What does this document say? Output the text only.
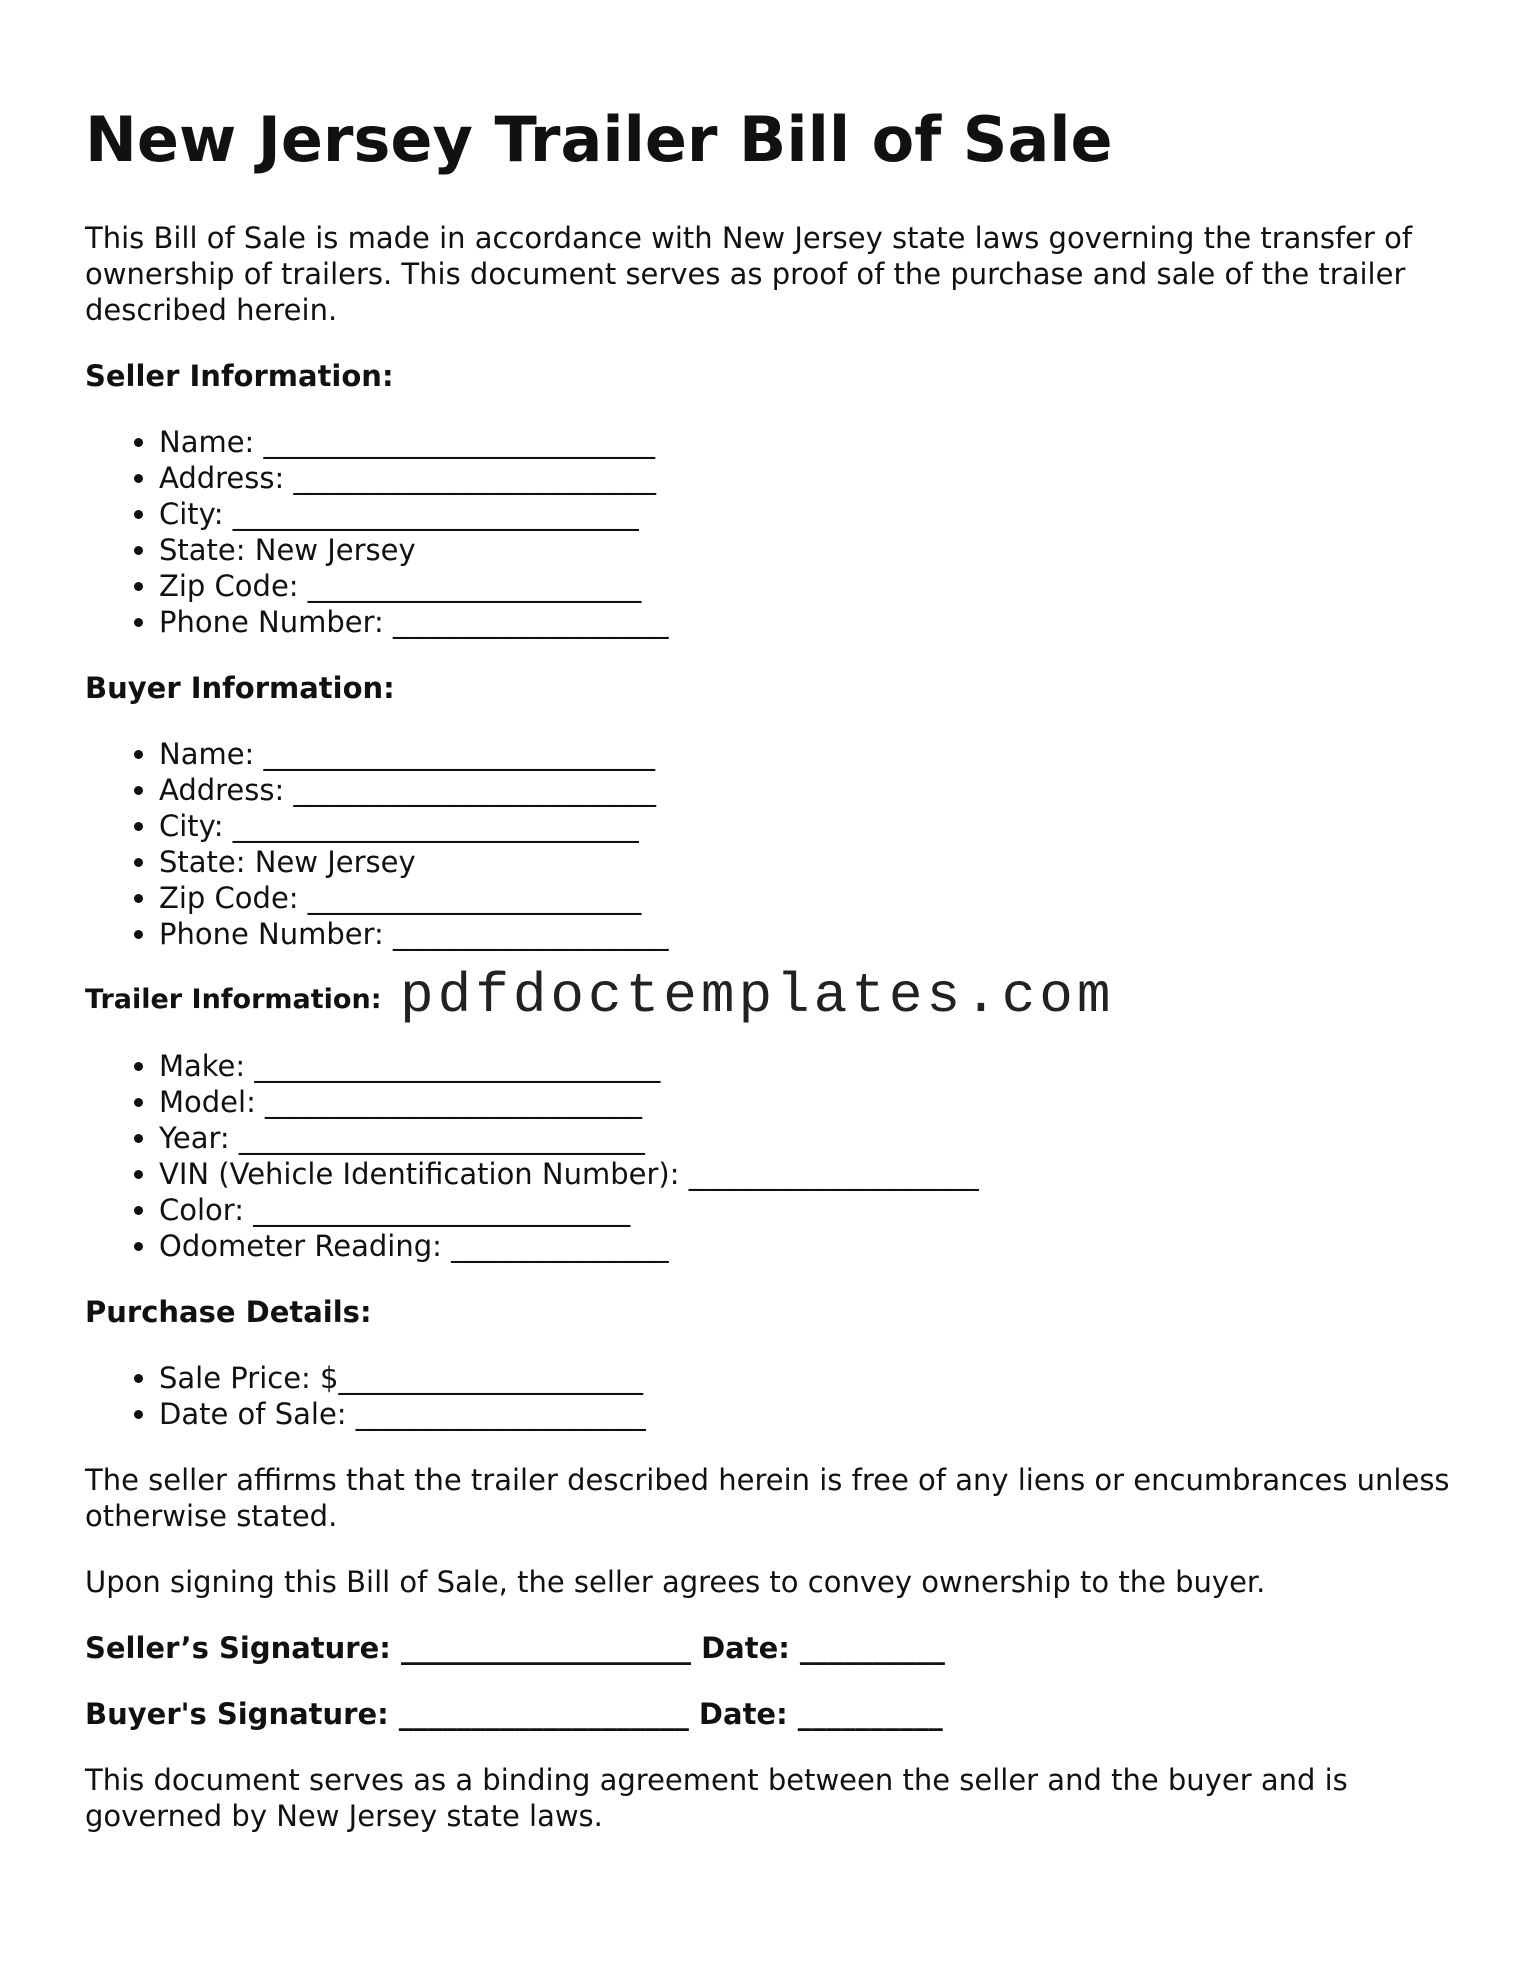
New Jersey Trailer Bill of Sale

This Bill of Sale is made in accordance with New Jersey state laws governing the transfer of ownership of trailers. This document serves as proof of the purchase and sale of the trailer described herein.

Seller Information:
• Name: ___________________________
• Address: _________________________
• City: ____________________________
• State: New Jersey
• Zip Code: _______________________
• Phone Number: ___________________
Buyer Information:
• Name: ___________________________
• Address: _________________________
• City: ____________________________
• State: New Jersey
• Zip Code: _______________________
• Phone Number: ___________________
Trailer Information:
• Make: ____________________________
• Model: __________________________
• Year: ____________________________
• VIN (Vehicle Identification Number): ____________________
• Color: __________________________
• Odometer Reading: _______________
Purchase Details:
• Sale Price: $_____________________
• Date of Sale: ____________________

The seller affirms that the trailer described herein is free of any liens or encumbrances unless otherwise stated.

Upon signing this Bill of Sale, the seller agrees to convey ownership to the buyer.

Seller’s Signature: ____________________ Date: __________
Buyer's Signature: ____________________ Date: __________

This document serves as a binding agreement between the seller and the buyer and is governed by New Jersey state laws.

pdfdoctemplates.com
